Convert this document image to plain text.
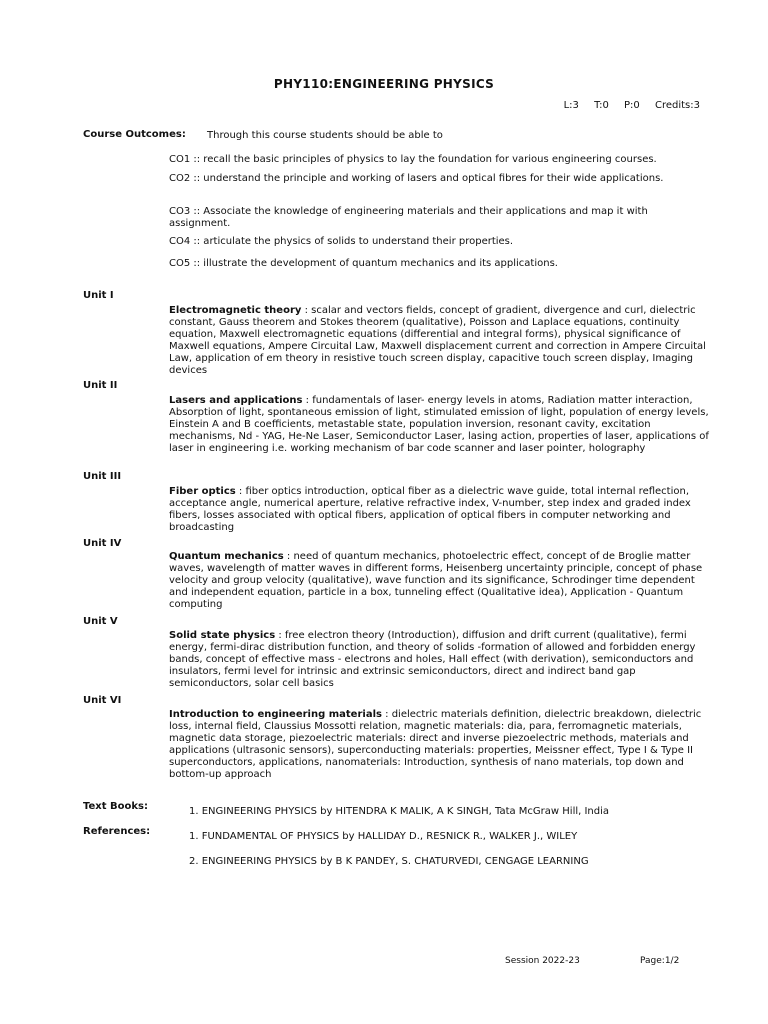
PHY110:ENGINEERING PHYSICS
L:3 T:0 P:0 Credits:3
Course Outcomes: Through this course students should be able to
CO1 :: recall the basic principles of physics to lay the foundation for various engineering courses.
CO2 :: understand the principle and working of lasers and optical fibres for their wide applications.
CO3 :: Associate the knowledge of engineering materials and their applications and map it with assignment.
CO4 :: articulate the physics of solids to understand their properties.
CO5 :: illustrate the development of quantum mechanics and its applications.
Unit I
Electromagnetic theory : scalar and vectors fields, concept of gradient, divergence and curl, dielectric constant, Gauss theorem and Stokes theorem (qualitative), Poisson and Laplace equations, continuity equation, Maxwell electromagnetic equations (differential and integral forms), physical significance of Maxwell equations, Ampere Circuital Law, Maxwell displacement current and correction in Ampere Circuital Law, application of em theory in resistive touch screen display, capacitive touch screen display, Imaging devices
Unit II
Lasers and applications : fundamentals of laser- energy levels in atoms, Radiation matter interaction, Absorption of light, spontaneous emission of light, stimulated emission of light, population of energy levels, Einstein A and B coefficients, metastable state, population inversion, resonant cavity, excitation mechanisms, Nd - YAG, He-Ne Laser, Semiconductor Laser, lasing action, properties of laser, applications of laser in engineering i.e. working mechanism of bar code scanner and laser pointer, holography
Unit III
Fiber optics : fiber optics introduction, optical fiber as a dielectric wave guide, total internal reflection, acceptance angle, numerical aperture, relative refractive index, V-number, step index and graded index fibers, losses associated with optical fibers, application of optical fibers in computer networking and broadcasting
Unit IV
Quantum mechanics : need of quantum mechanics, photoelectric effect, concept of de Broglie matter waves, wavelength of matter waves in different forms, Heisenberg uncertainty principle, concept of phase velocity and group velocity (qualitative), wave function and its significance, Schrodinger time dependent and independent equation, particle in a box, tunneling effect (Qualitative idea), Application - Quantum computing
Unit V
Solid state physics : free electron theory (Introduction), diffusion and drift current (qualitative), fermi energy, fermi-dirac distribution function, and theory of solids -formation of allowed and forbidden energy bands, concept of effective mass - electrons and holes, Hall effect (with derivation), semiconductors and insulators, fermi level for intrinsic and extrinsic semiconductors, direct and indirect band gap semiconductors, solar cell basics
Unit VI
Introduction to engineering materials : dielectric materials definition, dielectric breakdown, dielectric loss, internal field, Claussius Mossotti relation, magnetic materials: dia, para, ferromagnetic materials, magnetic data storage, piezoelectric materials: direct and inverse piezoelectric methods, materials and applications (ultrasonic sensors), superconducting materials: properties, Meissner effect, Type I & Type II superconductors, applications, nanomaterials: Introduction, synthesis of nano materials, top down and bottom-up approach
Text Books:	1. ENGINEERING PHYSICS by HITENDRA K MALIK, A K SINGH, Tata McGraw Hill, India
References:	1. FUNDAMENTAL OF PHYSICS by HALLIDAY D., RESNICK R., WALKER J., WILEY
2. ENGINEERING PHYSICS by B K PANDEY, S. CHATURVEDI, CENGAGE LEARNING
Session 2022-23	Page:1/2
